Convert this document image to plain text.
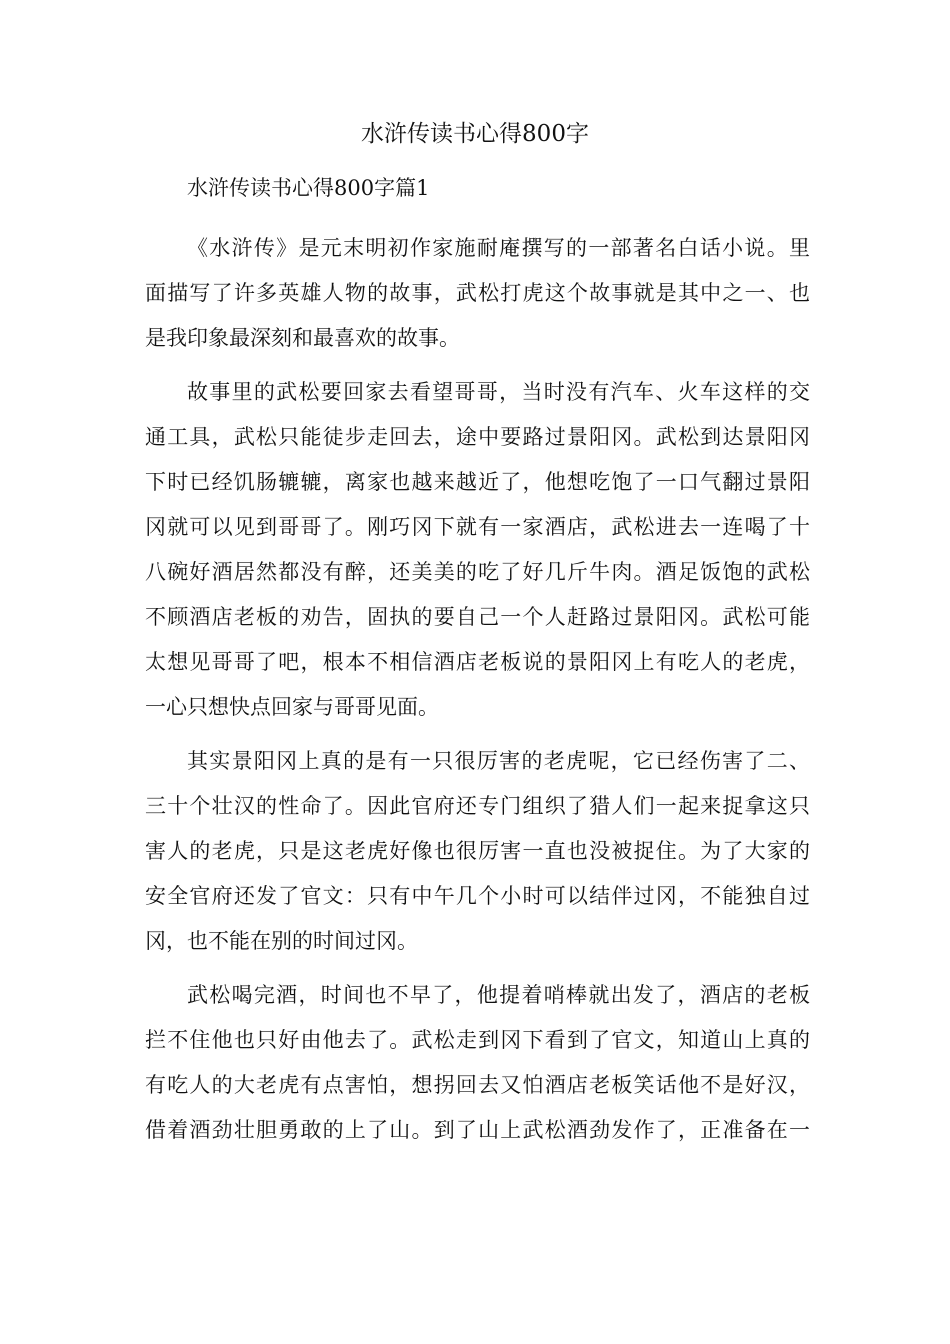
水浒传读书心得800字

水浒传读书心得800字篇1

《水浒传》是元末明初作家施耐庵撰写的一部著名白话小说。里
面描写了许多英雄人物的故事，武松打虎这个故事就是其中之一、也
是我印象最深刻和最喜欢的故事。

故事里的武松要回家去看望哥哥，当时没有汽车、火车这样的交
通工具，武松只能徒步走回去，途中要路过景阳冈。武松到达景阳冈
下时已经饥肠辘辘，离家也越来越近了，他想吃饱了一口气翻过景阳
冈就可以见到哥哥了。刚巧冈下就有一家酒店，武松进去一连喝了十
八碗好酒居然都没有醉，还美美的吃了好几斤牛肉。酒足饭饱的武松
不顾酒店老板的劝告，固执的要自己一个人赶路过景阳冈。武松可能
太想见哥哥了吧，根本不相信酒店老板说的景阳冈上有吃人的老虎，
一心只想快点回家与哥哥见面。

其实景阳冈上真的是有一只很厉害的老虎呢，它已经伤害了二、
三十个壮汉的性命了。因此官府还专门组织了猎人们一起来捉拿这只
害人的老虎，只是这老虎好像也很厉害一直也没被捉住。为了大家的
安全官府还发了官文：只有中午几个小时可以结伴过冈，不能独自过
冈，也不能在别的时间过冈。

武松喝完酒，时间也不早了，他提着哨棒就出发了，酒店的老板
拦不住他也只好由他去了。武松走到冈下看到了官文，知道山上真的
有吃人的大老虎有点害怕，想拐回去又怕酒店老板笑话他不是好汉，
借着酒劲壮胆勇敢的上了山。到了山上武松酒劲发作了，正准备在一
